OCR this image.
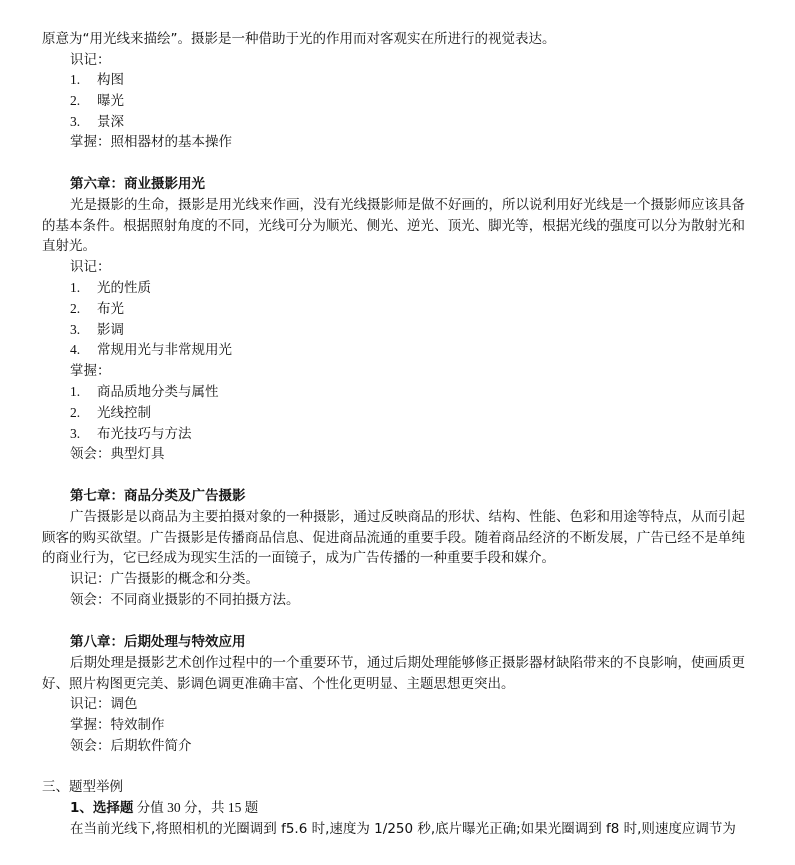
原意为“用光线来描绘”。摄影是一种借助于光的作用而对客观实在所进行的视觉表达。
识记：
1. 构图
2. 曝光
3. 景深
掌握：照相器材的基本操作
第六章：商业摄影用光
光是摄影的生命，摄影是用光线来作画，没有光线摄影师是做不好画的，所以说利用好光线是一个摄影师应该具备的基本条件。根据照射角度的不同，光线可分为顺光、侧光、逆光、顶光、脚光等，根据光线的强度可以分为散射光和直射光。
识记：
1. 光的性质
2. 布光
3. 影调
4. 常规用光与非常规用光
掌握：
1. 商品质地分类与属性
2. 光线控制
3. 布光技巧与方法
领会：典型灯具
第七章：商品分类及广告摄影
广告摄影是以商品为主要拍摄对象的一种摄影，通过反映商品的形状、结构、性能、色彩和用途等特点，从而引起顾客的购买欲望。广告摄影是传播商品信息、促进商品流通的重要手段。随着商品经济的不断发展，广告已经不是单纯的商业行为，它已经成为现实生活的一面镜子，成为广告传播的一种重要手段和媒介。
识记：广告摄影的概念和分类。
领会：不同商业摄影的不同拍摄方法。
第八章：后期处理与特效应用
后期处理是摄影艺术创作过程中的一个重要环节，通过后期处理能够修正摄影器材缺陷带来的不良影响，使画质更好、照片构图更完美、影调色调更准确丰富、个性化更明显、主题思想更突出。
识记：调色
掌握：特效制作
领会：后期软件简介
三、题型举例
1、选择题 分值 30 分，共 15 题
在当前光线下,将照相机的光圈调到 f5.6 时,速度为 1/250 秒,底片曝光正确;如果光圈调到 f8 时,则速度应调节为
